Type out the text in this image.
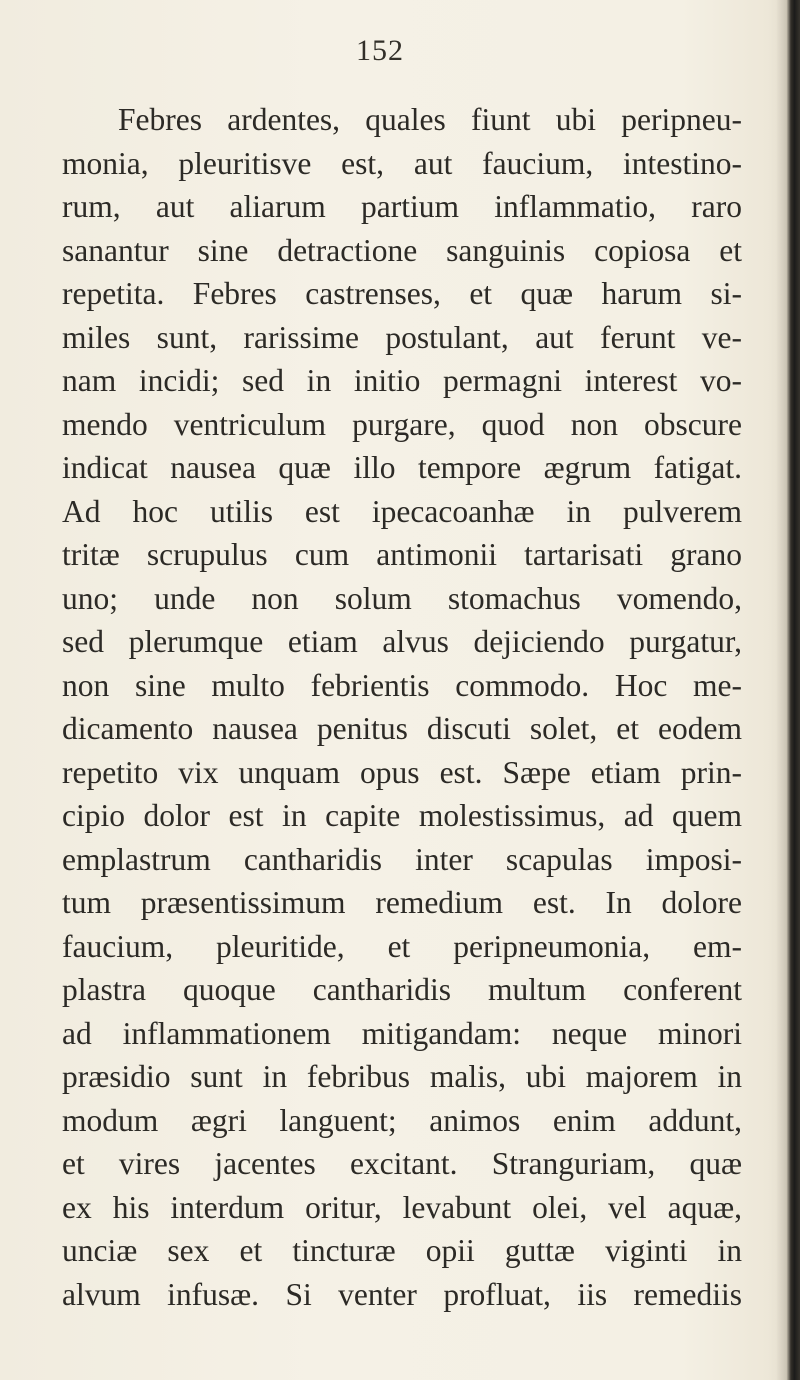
152
Febres ardentes, quales fiunt ubi peripneu-
monia, pleuritisve est, aut faucium, intestino-
rum, aut aliarum partium inflammatio, raro
sanantur sine detractione sanguinis copiosa et
repetita. Febres castrenses, et quæ harum si-
miles sunt, rarissime postulant, aut ferunt ve-
nam incidi; sed in initio permagni interest vo-
mendo ventriculum purgare, quod non obscure
indicat nausea quæ illo tempore ægrum fatigat.
Ad hoc utilis est ipecacoanhæ in pulverem
tritæ scrupulus cum antimonii tartarisati grano
uno; unde non solum stomachus vomendo,
sed plerumque etiam alvus dejiciendo purgatur,
non sine multo febrientis commodo. Hoc me-
dicamento nausea penitus discuti solet, et eodem
repetito vix unquam opus est. Sæpe etiam prin-
cipio dolor est in capite molestissimus, ad quem
emplastrum cantharidis inter scapulas imposi-
tum præsentissimum remedium est. In dolore
faucium, pleuritide, et peripneumonia, em-
plastra quoque cantharidis multum conferent
ad inflammationem mitigandam: neque minori
præsidio sunt in febribus malis, ubi majorem in
modum ægri languent; animos enim addunt,
et vires jacentes excitant. Stranguriam, quæ
ex his interdum oritur, levabunt olei, vel aquæ,
unciæ sex et tincturæ opii guttæ viginti in
alvum infusæ. Si venter profluat, iis remediis
